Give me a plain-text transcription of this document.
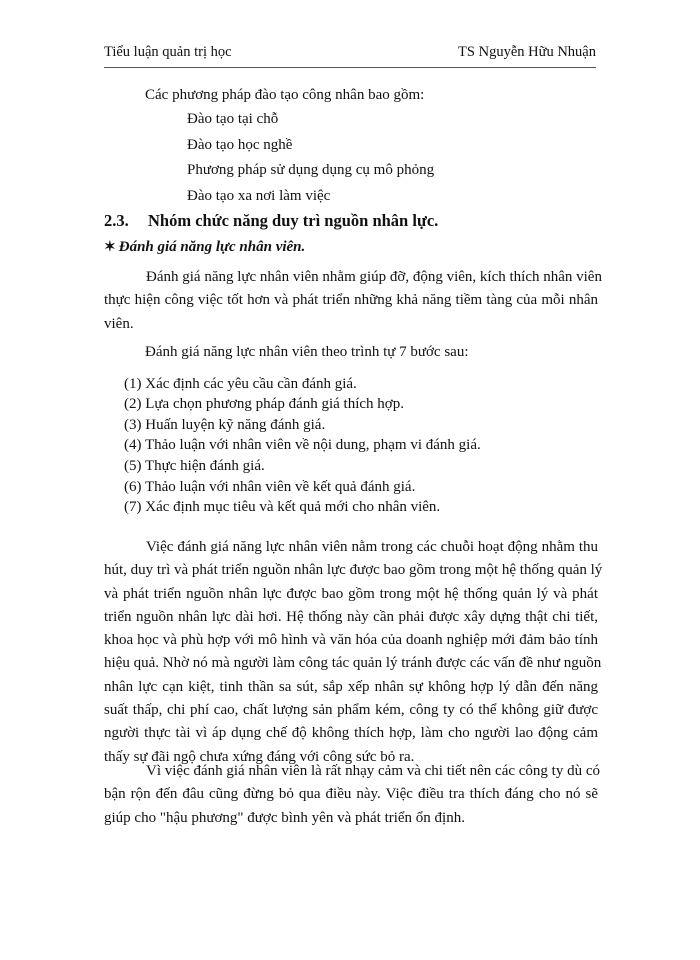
Tiểu luận quản trị học	TS Nguyễn Hữu Nhuận
Các phương pháp đào tạo công nhân bao gồm:
Đào tạo tại chỗ
Đào tạo học nghề
Phương pháp sử dụng dụng cụ mô phỏng
Đào tạo xa nơi làm việc
2.3. Nhóm chức năng duy trì nguồn nhân lực.
✶ Đánh giá năng lực nhân viên.
Đánh giá năng lực nhân viên nhằm giúp đỡ, động viên, kích thích nhân viên
thực hiện công việc tốt hơn và phát triển những khả năng tiềm tàng của mỗi nhân
viên.
Đánh giá năng lực nhân viên theo trình tự 7 bước sau:
(1) Xác định các yêu cầu cần đánh giá.
(2) Lựa chọn phương pháp đánh giá thích hợp.
(3) Huấn luyện kỹ năng đánh giá.
(4) Thảo luận với nhân viên về nội dung, phạm vi đánh giá.
(5) Thực hiện đánh giá.
(6) Thảo luận với nhân viên về kết quả đánh giá.
(7) Xác định mục tiêu và kết quả mới cho nhân viên.
Việc đánh giá năng lực nhân viên nằm trong các chuỗi hoạt động nhằm thu
hút, duy trì và phát triển nguồn nhân lực được bao gồm trong một hệ thống quản lý
và phát triển nguồn nhân lực được bao gồm trong một hệ thống quản lý và phát
triển nguồn nhân lực dài hơi. Hệ thống này cần phải được xây dựng thật chi tiết,
khoa học và phù hợp với mô hình và văn hóa của doanh nghiệp mới đảm bảo tính
hiệu quả. Nhờ nó mà người làm công tác quản lý tránh được các vấn đề như nguồn
nhân lực cạn kiệt, tinh thần sa sút, sắp xếp nhân sự không hợp lý dẫn đến năng
suất thấp, chi phí cao, chất lượng sản phẩm kém, công ty có thể không giữ được
người thực tài vì áp dụng chế độ không thích hợp, làm cho người lao động cảm
thấy sự đãi ngộ chưa xứng đáng với công sức bỏ ra.
Vì việc đánh giá nhân viên là rất nhạy cảm và chi tiết nên các công ty dù có
bận rộn đến đâu cũng đừng bỏ qua điều này. Việc điều tra thích đáng cho nó sẽ
giúp cho "hậu phương" được bình yên và phát triển ổn định.
